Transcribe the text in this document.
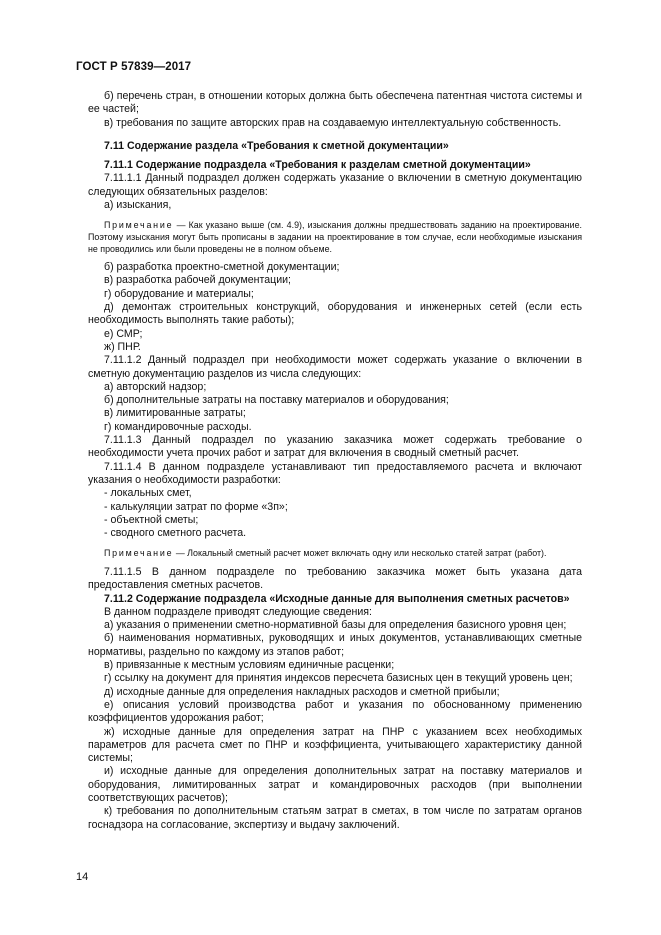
ГОСТ Р 57839—2017

б) перечень стран, в отношении которых должна быть обеспечена патентная чистота системы и ее частей;

в) требования по защите авторских прав на создаваемую интеллектуальную собственность.

7.11 Содержание раздела «Требования к сметной документации»

7.11.1 Содержание подраздела «Требования к разделам сметной документации»

7.11.1.1 Данный подраздел должен содержать указание о включении в сметную документацию следующих обязательных разделов:

а) изыскания,

Примечание — Как указано выше (см. 4.9), изыскания должны предшествовать заданию на проектирование. Поэтому изыскания могут быть прописаны в задании на проектирование в том случае, если необходимые изыскания не проводились или были проведены не в полном объеме.

б) разработка проектно-сметной документации;

в) разработка рабочей документации;

г) оборудование и материалы;

д) демонтаж строительных конструкций, оборудования и инженерных сетей (если есть необходимость выполнять такие работы);

е) СМР;

ж) ПНР.

7.11.1.2 Данный подраздел при необходимости может содержать указание о включении в сметную документацию разделов из числа следующих:

а) авторский надзор;

б) дополнительные затраты на поставку материалов и оборудования;

в) лимитированные затраты;

г) командировочные расходы.

7.11.1.3 Данный подраздел по указанию заказчика может содержать требование о необходимости учета прочих работ и затрат для включения в сводный сметный расчет.

7.11.1.4 В данном подразделе устанавливают тип предоставляемого расчета и включают указания о необходимости разработки:

- локальных смет,

- калькуляции затрат по форме «3п»;

- объектной сметы;

- сводного сметного расчета.

Примечание — Локальный сметный расчет может включать одну или несколько статей затрат (работ).

7.11.1.5 В данном подразделе по требованию заказчика может быть указана дата предоставления сметных расчетов.

7.11.2 Содержание подраздела «Исходные данные для выполнения сметных расчетов»

В данном подразделе приводят следующие сведения:

а) указания о применении сметно-нормативной базы для определения базисного уровня цен;

б) наименования нормативных, руководящих и иных документов, устанавливающих сметные нормативы, раздельно по каждому из этапов работ;

в) привязанные к местным условиям единичные расценки;

г) ссылку на документ для принятия индексов пересчета базисных цен в текущий уровень цен;

д) исходные данные для определения накладных расходов и сметной прибыли;

е) описания условий производства работ и указания по обоснованному применению коэффициентов удорожания работ;

ж) исходные данные для определения затрат на ПНР с указанием всех необходимых параметров для расчета смет по ПНР и коэффициента, учитывающего характеристику данной системы;

и) исходные данные для определения дополнительных затрат на поставку материалов и оборудования, лимитированных затрат и командировочных расходов (при выполнении соответствующих расчетов);

к) требования по дополнительным статьям затрат в сметах, в том числе по затратам органов госнадзора на согласование, экспертизу и выдачу заключений.

14
